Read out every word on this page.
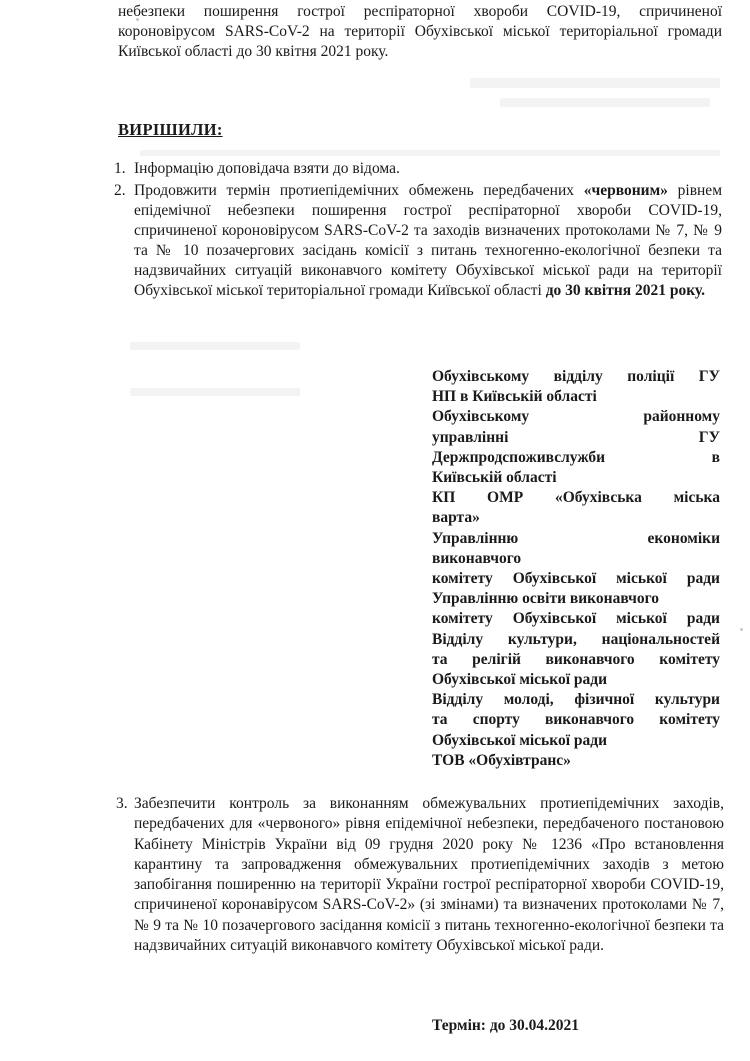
небезпеки поширення гострої респіраторної хвороби COVID-19, спричиненої короновірусом SARS-CoV-2 на території Обухівської міської територіальної громади Київської області до 30 квітня 2021 року.
ВИРІШИЛИ:
1. Інформацію доповідача взяти до відома.
2. Продовжити термін протиепідемічних обмежень передбачених «червоним» рівнем епідемічної небезпеки поширення гострої респіраторної хвороби COVID-19, спричиненої короновірусом SARS-CoV-2 та заходів визначених протоколами № 7, № 9 та № 10 позачергових засідань комісії з питань техногенно-екологічної безпеки та надзвичайних ситуацій виконавчого комітету Обухівської міської ради на території Обухівської міської територіальної громади Київської області до 30 квітня 2021 року.
Обухівському відділу поліції ГУ
НП в Київській області
Обухівському районному
управлінні ГУ
Держпродспоживслужби в
Київській області
КП ОМР «Обухівська міська
варта»
Управлінню економіки
виконавчого
комітету Обухівської міської ради
Управлінню освіти виконавчого
комітету Обухівської міської ради
Відділу культури, національностей
та релігій виконавчого комітету
Обухівської міської ради
Відділу молоді, фізичної культури
та спорту виконавчого комітету
Обухівської міської ради
ТОВ «Обухівтранс»
3. Забезпечити контроль за виконанням обмежувальних протиепідемічних заходів, передбачених для «червоного» рівня епідемічної небезпеки, передбаченого постановою Кабінету Міністрів України від 09 грудня 2020 року № 1236 «Про встановлення карантину та запровадження обмежувальних протиепідемічних заходів з метою запобігання поширенню на території України гострої респіраторної хвороби COVID-19, спричиненої коронавірусом SARS-CoV-2» (зі змінами) та визначених протоколами № 7, № 9 та № 10 позачергового засідання комісії з питань техногенно-екологічної безпеки та надзвичайних ситуацій виконавчого комітету Обухівської міської ради.
Термін: до 30.04.2021
